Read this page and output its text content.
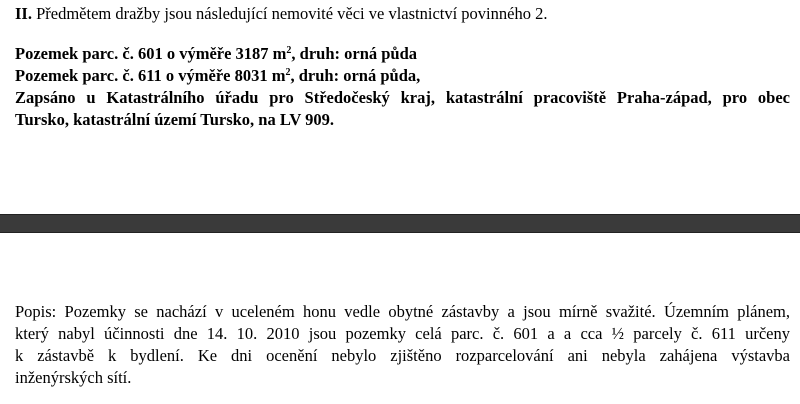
II. Předmětem dražby jsou následující nemovité věci ve vlastnictví povinného 2.
Pozemek parc. č. 601 o výměře 3187 $m^2$, druh: orná půda
Pozemek parc. č. 611 o výměře 8031 $m^2$, druh: orná půda,
Zapsáno u Katastrálního úřadu pro Středočeský kraj, katastrální pracoviště Praha-západ, pro obec
Tursko, katastrální území Tursko, na LV 909.
Popis: Pozemky se nachází v uceleném honu vedle obytné zástavby a jsou mírně svažité. Územním plánem,
který nabyl účinnosti dne 14. 10. 2010 jsou pozemky celá parc. č. 601 a a cca ½ parcely č. 611 určeny
k zástavbě k bydlení. Ke dni ocenění nebylo zjištěno rozparcelování ani nebyla zahájena výstavba
inženýrských sítí.
